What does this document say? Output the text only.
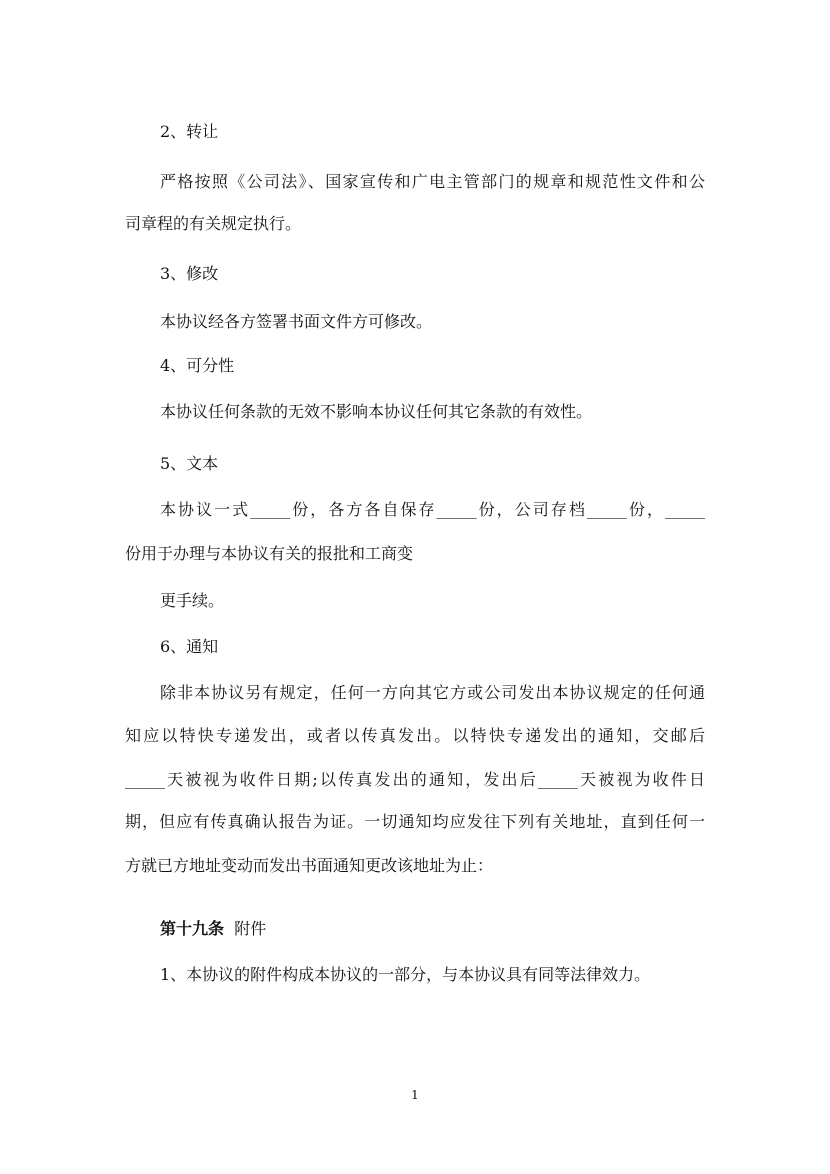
2、转让
严格按照《公司法》、国家宣传和广电主管部门的规章和规范性文件和公
司章程的有关规定执行。
3、修改
本协议经各方签署书面文件方可修改。
4、可分性
本协议任何条款的无效不影响本协议任何其它条款的有效性。
5、文本
本协议一式_____份，各方各自保存_____份，公司存档_____份，_____
份用于办理与本协议有关的报批和工商变
更手续。
6、通知
除非本协议另有规定，任何一方向其它方或公司发出本协议规定的任何通
知应以特快专递发出，或者以传真发出。以特快专递发出的通知，交邮后
_____天被视为收件日期;以传真发出的通知，发出后_____天被视为收件日
期，但应有传真确认报告为证。一切通知均应发往下列有关地址，直到任何一
方就已方地址变动而发出书面通知更改该地址为止：
第十九条  附件
1、本协议的附件构成本协议的一部分，与本协议具有同等法律效力。
1
